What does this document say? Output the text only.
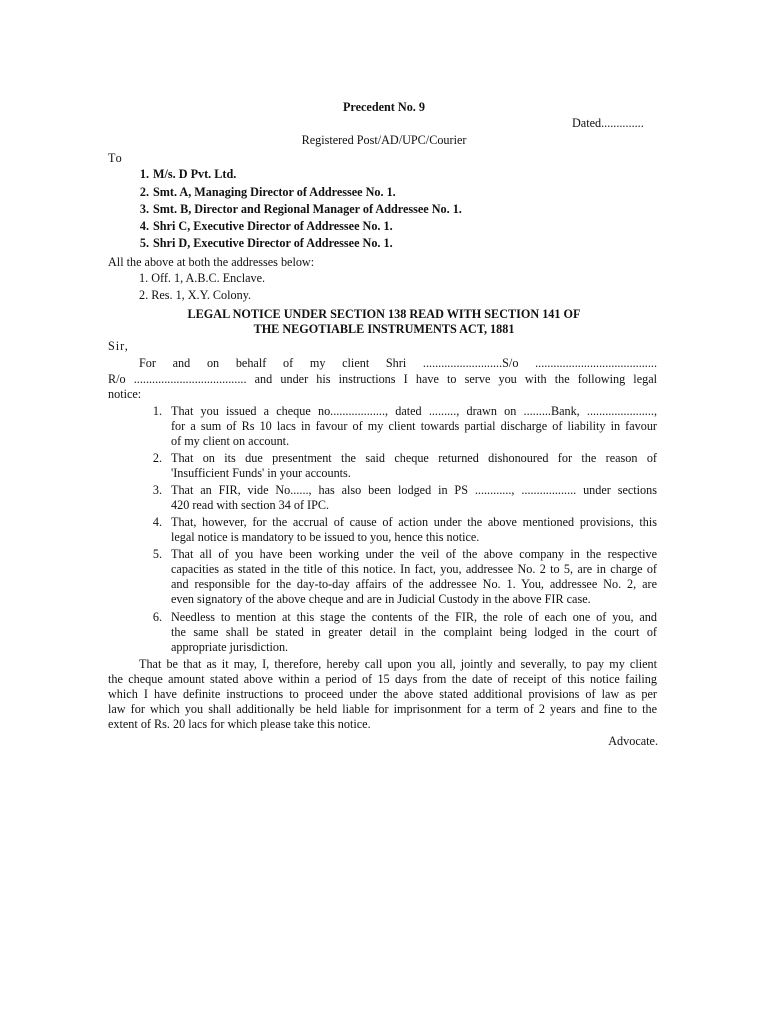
Precedent No. 9
Dated..............
Registered Post/AD/UPC/Courier
To
1. M/s. D Pvt. Ltd.
2. Smt. A, Managing Director of Addressee No. 1.
3. Smt. B, Director and Regional Manager of Addressee No. 1.
4. Shri C, Executive Director of Addressee No. 1.
5. Shri D, Executive Director of Addressee No. 1.
All the above at both the addresses below:
1. Off. 1, A.B.C. Enclave.
2. Res. 1, X.Y. Colony.
LEGAL NOTICE UNDER SECTION 138 READ WITH SECTION 141 OF
THE NEGOTIABLE INSTRUMENTS ACT, 1881
Sir,
For and on behalf of my client Shri ..........................S/o ........................................
R/o ..................................... and under his instructions I have to serve you with the following legal
notice:
1. That you issued a cheque no.................., dated ........., drawn on .........Bank, ......................,
for a sum of Rs 10 lacs in favour of my client towards partial discharge of liability in favour
of my client on account.
2. That on its due presentment the said cheque returned dishonoured for the reason of
'Insufficient Funds' in your accounts.
3. That an FIR, vide No......, has also been lodged in PS ............, .................. under sections
420 read with section 34 of IPC.
4. That, however, for the accrual of cause of action under the above mentioned provisions, this
legal notice is mandatory to be issued to you, hence this notice.
5. That all of you have been working under the veil of the above company in the respective
capacities as stated in the title of this notice. In fact, you, addressee No. 2 to 5, are in charge of
and responsible for the day-to-day affairs of the addressee No. 1. You, addressee No. 2, are
even signatory of the above cheque and are in Judicial Custody in the above FIR case.
6. Needless to mention at this stage the contents of the FIR, the role of each one of you, and
the same shall be stated in greater detail in the complaint being lodged in the court of
appropriate jurisdiction.
That be that as it may, I, therefore, hereby call upon you all, jointly and severally, to pay my client
the cheque amount stated above within a period of 15 days from the date of receipt of this notice failing
which I have definite instructions to proceed under the above stated additional provisions of law as per
law for which you shall additionally be held liable for imprisonment for a term of 2 years and fine to the
extent of Rs. 20 lacs for which please take this notice.
Advocate.
